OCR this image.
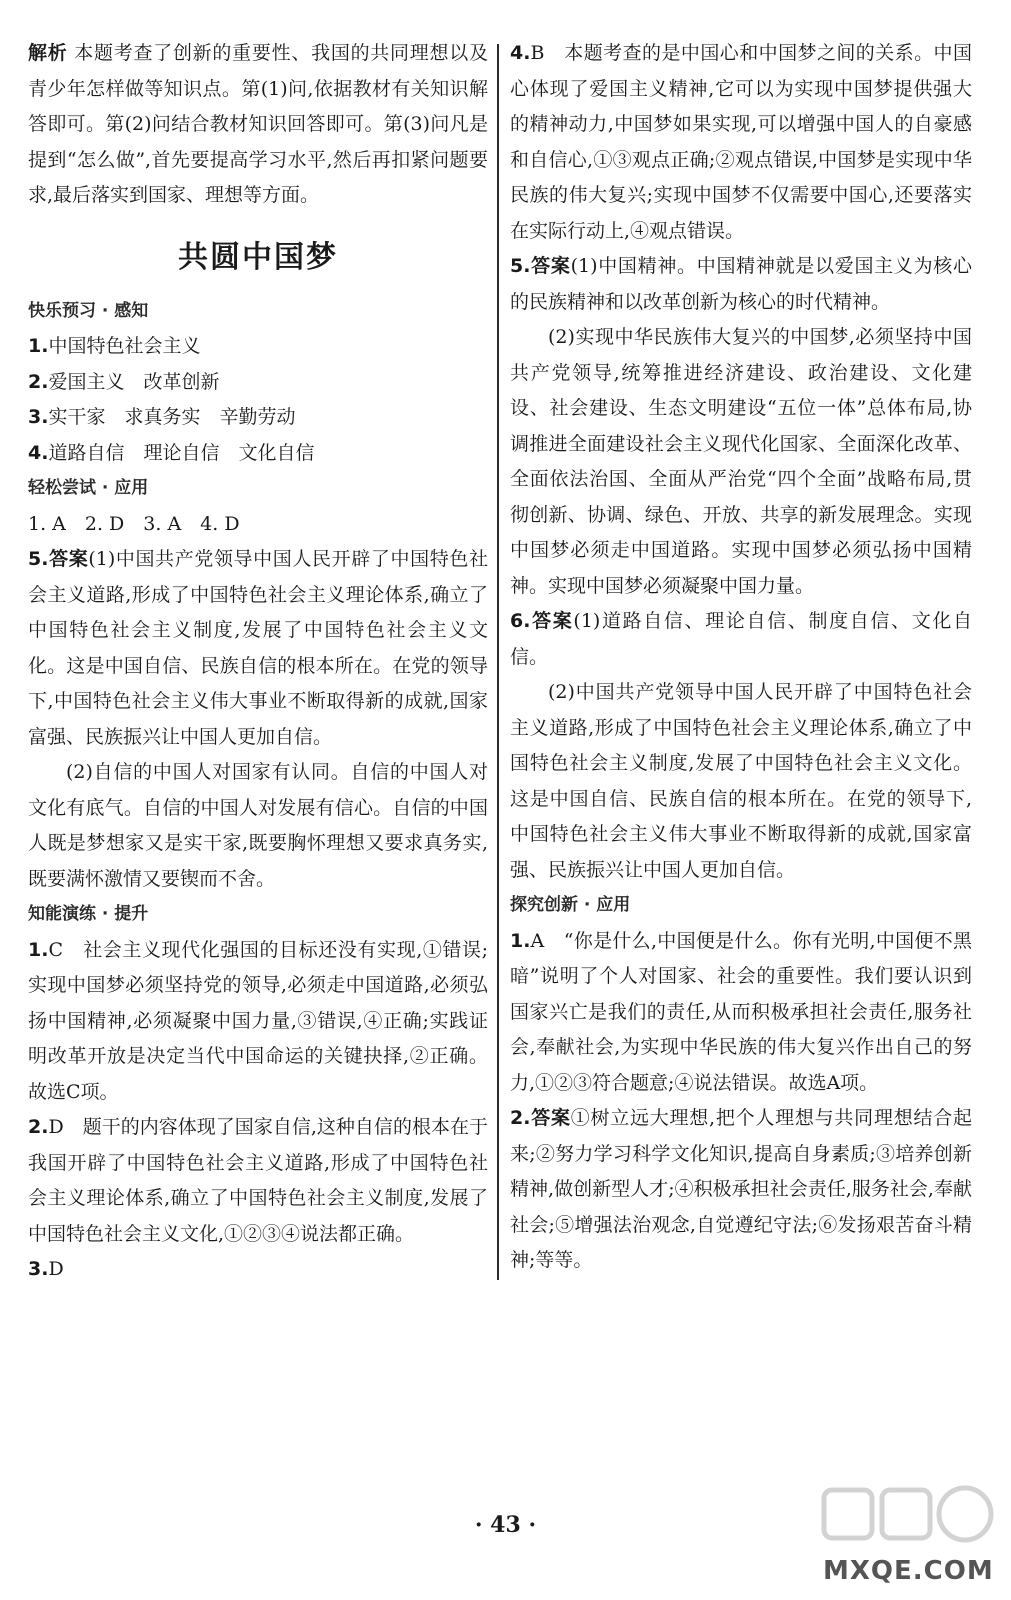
解析 本题考查了创新的重要性、我国的共同理想以及青少年怎样做等知识点。第(1)问,依据教材有关知识解答即可。第(2)问结合教材知识回答即可。第(3)问凡是提到“怎么做”,首先要提高学习水平,然后再扣紧问题要求,最后落实到国家、理想等方面。

共圆中国梦
快乐预习 · 感知

1.中国特色社会主义

2.爱国主义　改革创新

3.实干家　求真务实　辛勤劳动

4.道路自信　理论自信　文化自信

轻松尝试 · 应用

1. A　2. D　3. A　4. D

5.答案(1)中国共产党领导中国人民开辟了中国特色社会主义道路,形成了中国特色社会主义理论体系,确立了中国特色社会主义制度,发展了中国特色社会主义文化。这是中国自信、民族自信的根本所在。在党的领导下,中国特色社会主义伟大事业不断取得新的成就,国家富强、民族振兴让中国人更加自信。

(2)自信的中国人对国家有认同。自信的中国人对文化有底气。自信的中国人对发展有信心。自信的中国人既是梦想家又是实干家,既要胸怀理想又要求真务实,既要满怀激情又要锲而不舍。

知能演练 · 提升

1.C　 社会主义现代化强国的目标还没有实现,①错误;实现中国梦必须坚持党的领导,必须走中国道路,必须弘扬中国精神,必须凝聚中国力量,③错误,④正确;实践证明改革开放是决定当代中国命运的关键抉择,②正确。故选C项。

2.D　 题干的内容体现了国家自信,这种自信的根本在于我国开辟了中国特色社会主义道路,形成了中国特色社会主义理论体系,确立了中国特色社会主义制度,发展了中国特色社会主义文化,①②③④说法都正确。

3.D

4.B　 本题考查的是中国心和中国梦之间的关系。中国心体现了爱国主义精神,它可以为实现中国梦提供强大的精神动力,中国梦如果实现,可以增强中国人的自豪感和自信心,①③观点正确;②观点错误,中国梦是实现中华民族的伟大复兴;实现中国梦不仅需要中国心,还要落实在实际行动上,④观点错误。

5.答案(1)中国精神。中国精神就是以爱国主义为核心的民族精神和以改革创新为核心的时代精神。

(2)实现中华民族伟大复兴的中国梦,必须坚持中国共产党领导,统筹推进经济建设、政治建设、文化建设、社会建设、生态文明建设“五位一体”总体布局,协调推进全面建设社会主义现代化国家、全面深化改革、全面依法治国、全面从严治党“四个全面”战略布局,贯彻创新、协调、绿色、开放、共享的新发展理念。实现中国梦必须走中国道路。实现中国梦必须弘扬中国精神。实现中国梦必须凝聚中国力量。

6.答案(1)道路自信、理论自信、制度自信、文化自信。

(2)中国共产党领导中国人民开辟了中国特色社会主义道路,形成了中国特色社会主义理论体系,确立了中国特色社会主义制度,发展了中国特色社会主义文化。这是中国自信、民族自信的根本所在。在党的领导下,中国特色社会主义伟大事业不断取得新的成就,国家富强、民族振兴让中国人更加自信。

探究创新 · 应用

1.A　 “你是什么,中国便是什么。你有光明,中国便不黑暗”说明了个人对国家、社会的重要性。我们要认识到国家兴亡是我们的责任,从而积极承担社会责任,服务社会,奉献社会,为实现中华民族的伟大复兴作出自己的努力,①②③符合题意;④说法错误。故选A项。

2.答案①树立远大理想,把个人理想与共同理想结合起来;②努力学习科学文化知识,提高自身素质;③培养创新精神,做创新型人才;④积极承担社会责任,服务社会,奉献社会;⑤增强法治观念,自觉遵纪守法;⑥发扬艰苦奋斗精神;等等。

· 43 ·
MXQE.COM
